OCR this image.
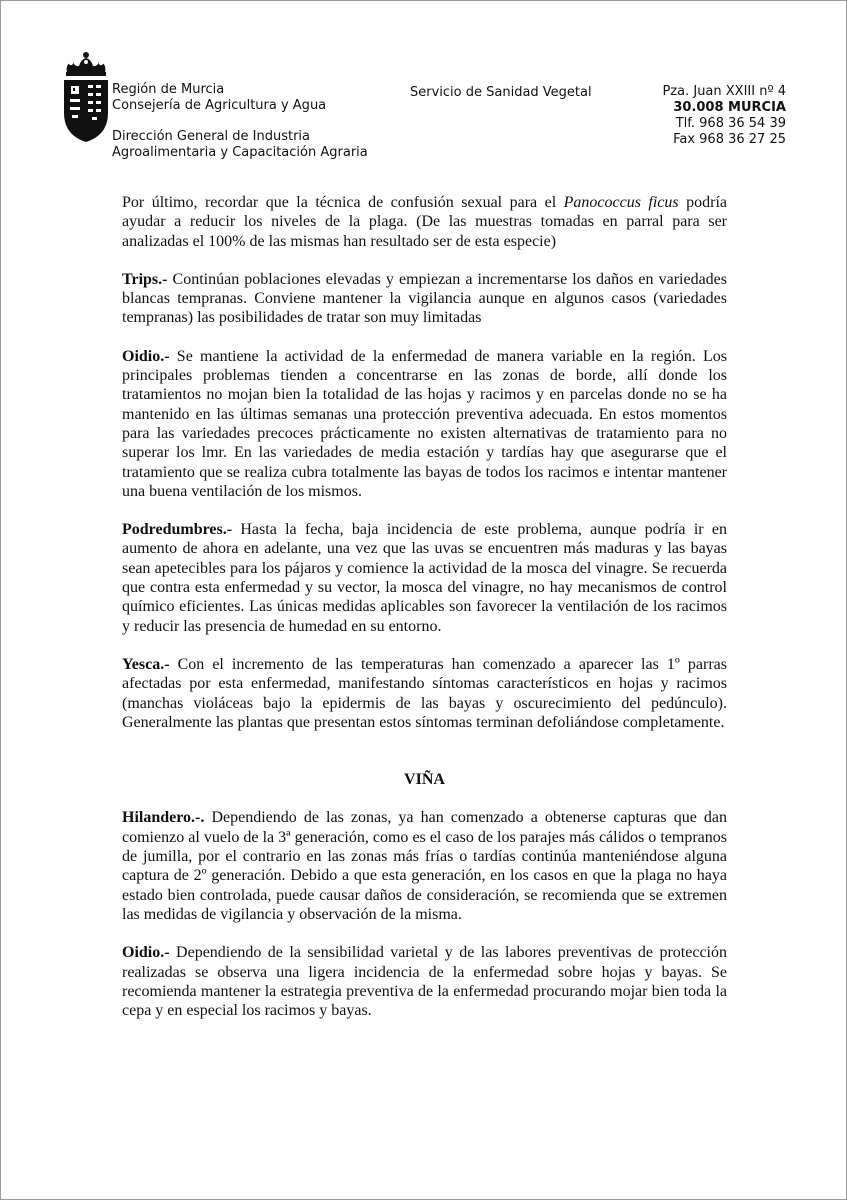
Región de Murcia
Consejería de Agricultura y Agua
Dirección General de Industria
Agroalimentaria y Capacitación Agraria
Servicio de Sanidad Vegetal	Pza. Juan XXIII nº 4
30.008 MURCIA
Tlf. 968 36 54 39
Fax 968 36 27 25

Por último, recordar que la técnica de confusión sexual para el Panococcus ficus podría ayudar a reducir los niveles de la plaga. (De las muestras tomadas en parral para ser analizadas el 100% de las mismas han resultado ser de esta especie)

Trips.- Continúan poblaciones elevadas y empiezan a incrementarse los daños en variedades blancas tempranas. Conviene mantener la vigilancia aunque en algunos casos (variedades tempranas) las posibilidades de tratar son muy limitadas

Oidio.- Se mantiene la actividad de la enfermedad de manera variable en la región. Los principales problemas tienden a concentrarse en las zonas de borde, allí donde los tratamientos no mojan bien la totalidad de las hojas y racimos y en parcelas donde no se ha mantenido en las últimas semanas una protección preventiva adecuada. En estos momentos para las variedades precoces prácticamente no existen alternativas de tratamiento para no superar los lmr. En las variedades de media estación y tardías hay que asegurarse que el tratamiento que se realiza cubra totalmente las bayas de todos los racimos e intentar mantener una buena ventilación de los mismos.

Podredumbres.- Hasta la fecha, baja incidencia de este problema, aunque podría ir en aumento de ahora en adelante, una vez que las uvas se encuentren más maduras y las bayas sean apetecibles para los pájaros y comience la actividad de la mosca del vinagre. Se recuerda que contra esta enfermedad y su vector, la mosca del vinagre, no hay mecanismos de control químico eficientes. Las únicas medidas aplicables son favorecer la ventilación de los racimos y reducir las presencia de humedad en su entorno.

Yesca.- Con el incremento de las temperaturas han comenzado a aparecer las 1º parras afectadas por esta enfermedad, manifestando síntomas característicos en hojas y racimos (manchas violáceas bajo la epidermis de las bayas y oscurecimiento del pedúnculo). Generalmente las plantas que presentan estos síntomas terminan defoliándose completamente.

VIÑA

Hilandero.-. Dependiendo de las zonas, ya han comenzado a obtenerse capturas que dan comienzo al vuelo de la 3ª generación, como es el caso de los parajes más cálidos o tempranos de jumilla, por el contrario en las zonas más frías o tardías continúa manteniéndose alguna captura de 2º generación. Debido a que esta generación, en los casos en que la plaga no haya estado bien controlada, puede causar daños de consideración, se recomienda que se extremen las medidas de vigilancia y observación de la misma.

Oidio.- Dependiendo de la sensibilidad varietal y de las labores preventivas de protección realizadas se observa una ligera incidencia de la enfermedad sobre hojas y bayas. Se recomienda mantener la estrategia preventiva de la enfermedad procurando mojar bien toda la cepa y en especial los racimos y bayas.
